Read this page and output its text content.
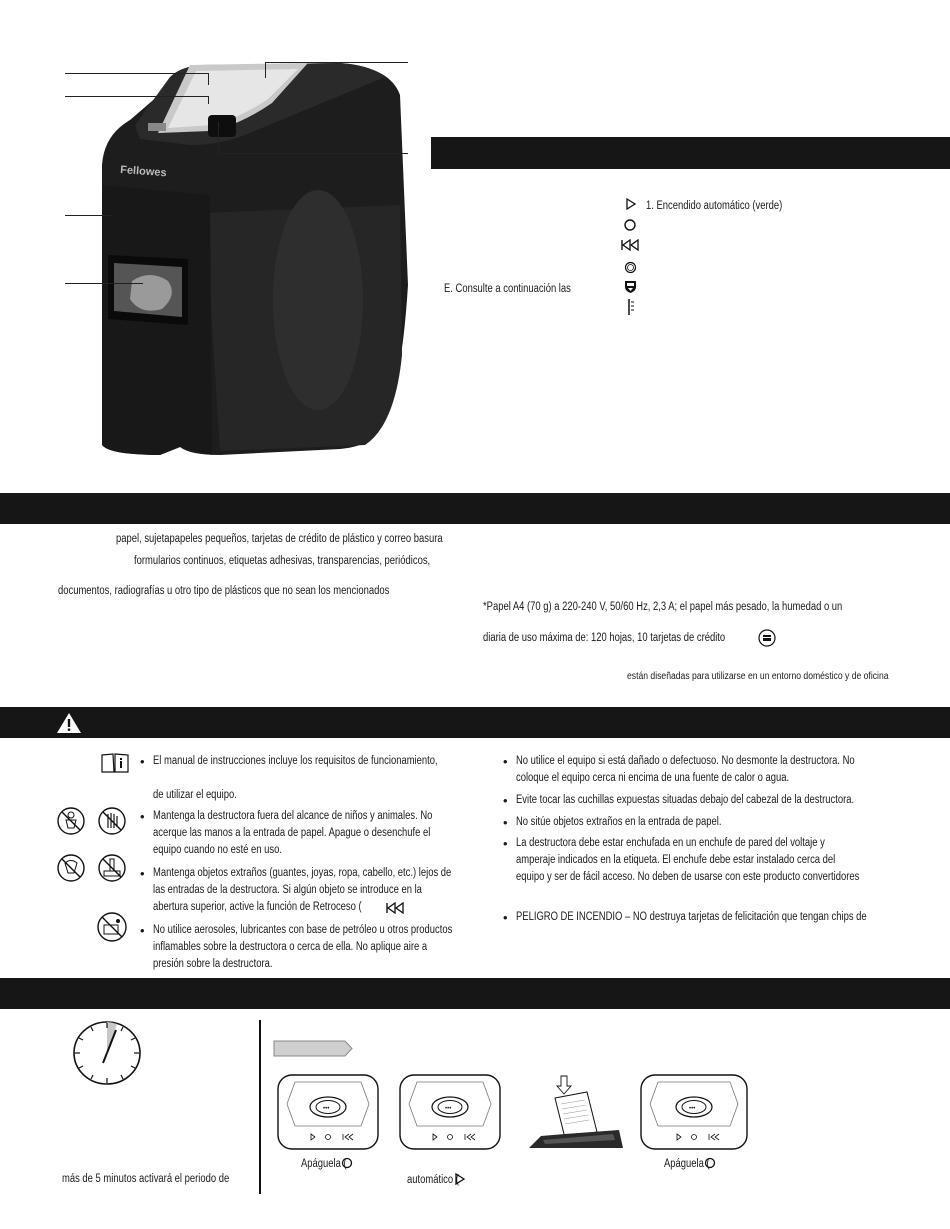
Fellowes
1. Encendido automático (verde)
E. Consulte a continuación las
papel, sujetapapeles pequeños, tarjetas de crédito de plástico y correo basura
formularios continuos, etiquetas adhesivas, transparencias, periódicos,
documentos, radiografías u otro tipo de plásticos que no sean los mencionados
*Papel A4 (70 g) a 220-240 V, 50/60 Hz, 2,3 A; el papel más pesado, la humedad o un
diaria de uso máxima de: 120 hojas, 10 tarjetas de crédito
están diseñadas para utilizarse en un entorno doméstico y de oficina
• El manual de instrucciones incluye los requisitos de funcionamiento,
de utilizar el equipo.
• Mantenga la destructora fuera del alcance de niños y animales. No
acerque las manos a la entrada de papel. Apague o desenchufe el
equipo cuando no esté en uso.
• Mantenga objetos extraños (guantes, joyas, ropa, cabello, etc.) lejos de
las entradas de la destructora. Si algún objeto se introduce en la
abertura superior, active la función de Retroceso (
• No utilice aerosoles, lubricantes con base de petróleo u otros productos
inflamables sobre la destructora o cerca de ella. No aplique aire a
presión sobre la destructora.
• No utilice el equipo si está dañado o defectuoso. No desmonte la destructora. No
coloque el equipo cerca ni encima de una fuente de calor o agua.
• Evite tocar las cuchillas expuestas situadas debajo del cabezal de la destructora.
• No sitúe objetos extraños en la entrada de papel.
• La destructora debe estar enchufada en un enchufe de pared del voltaje y
amperaje indicados en la etiqueta. El enchufe debe estar instalado cerca del
equipo y ser de fácil acceso. No deben de usarse con este producto convertidores
• PELIGRO DE INCENDIO – NO destruya tarjetas de felicitación que tengan chips de
más de 5 minutos activará el periodo de
•••	•••	•••
Apáguela (
automático (
Apáguela (
